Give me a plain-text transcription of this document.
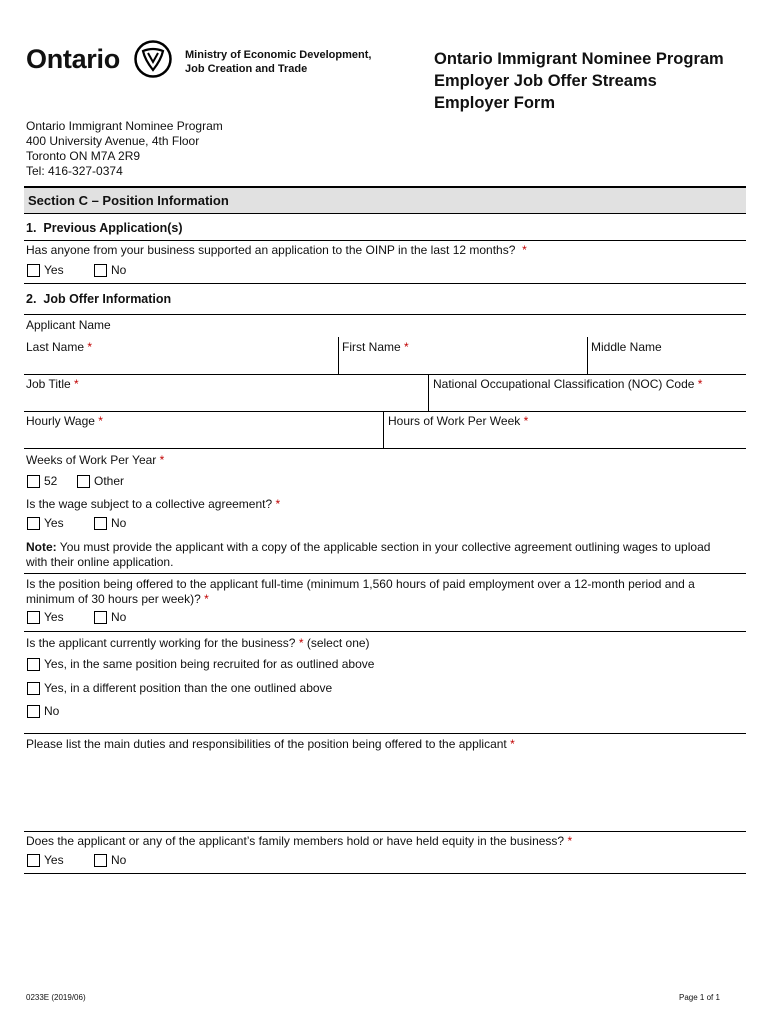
Ontario	Ministry of Economic Development,
Job Creation and Trade
Ontario Immigrant Nominee Program
Employer Job Offer Streams
Employer Form
Ontario Immigrant Nominee Program
400 University Avenue, 4th Floor
Toronto ON M7A 2R9
Tel: 416-327-0374
Section C – Position Information
1. Previous Application(s)
Has anyone from your business supported an application to the OINP in the last 12 months? *
Yes	No
2. Job Offer Information
Applicant Name
Last Name *	First Name *	Middle Name
Job Title *	National Occupational Classification (NOC) Code *
Hourly Wage *	Hours of Work Per Week *
Weeks of Work Per Year *
52	Other
Is the wage subject to a collective agreement? *
Yes	No
Note: You must provide the applicant with a copy of the applicable section in your collective agreement outlining wages to upload
with their online application.
Is the position being offered to the applicant full-time (minimum 1,560 hours of paid employment over a 12-month period and a
minimum of 30 hours per week)? *
Yes	No
Is the applicant currently working for the business? * (select one)
Yes, in the same position being recruited for as outlined above
Yes, in a different position than the one outlined above
No
Please list the main duties and responsibilities of the position being offered to the applicant *
Does the applicant or any of the applicant’s family members hold or have held equity in the business? *
Yes	No
0233E (2019/06)	Page 1 of 1
